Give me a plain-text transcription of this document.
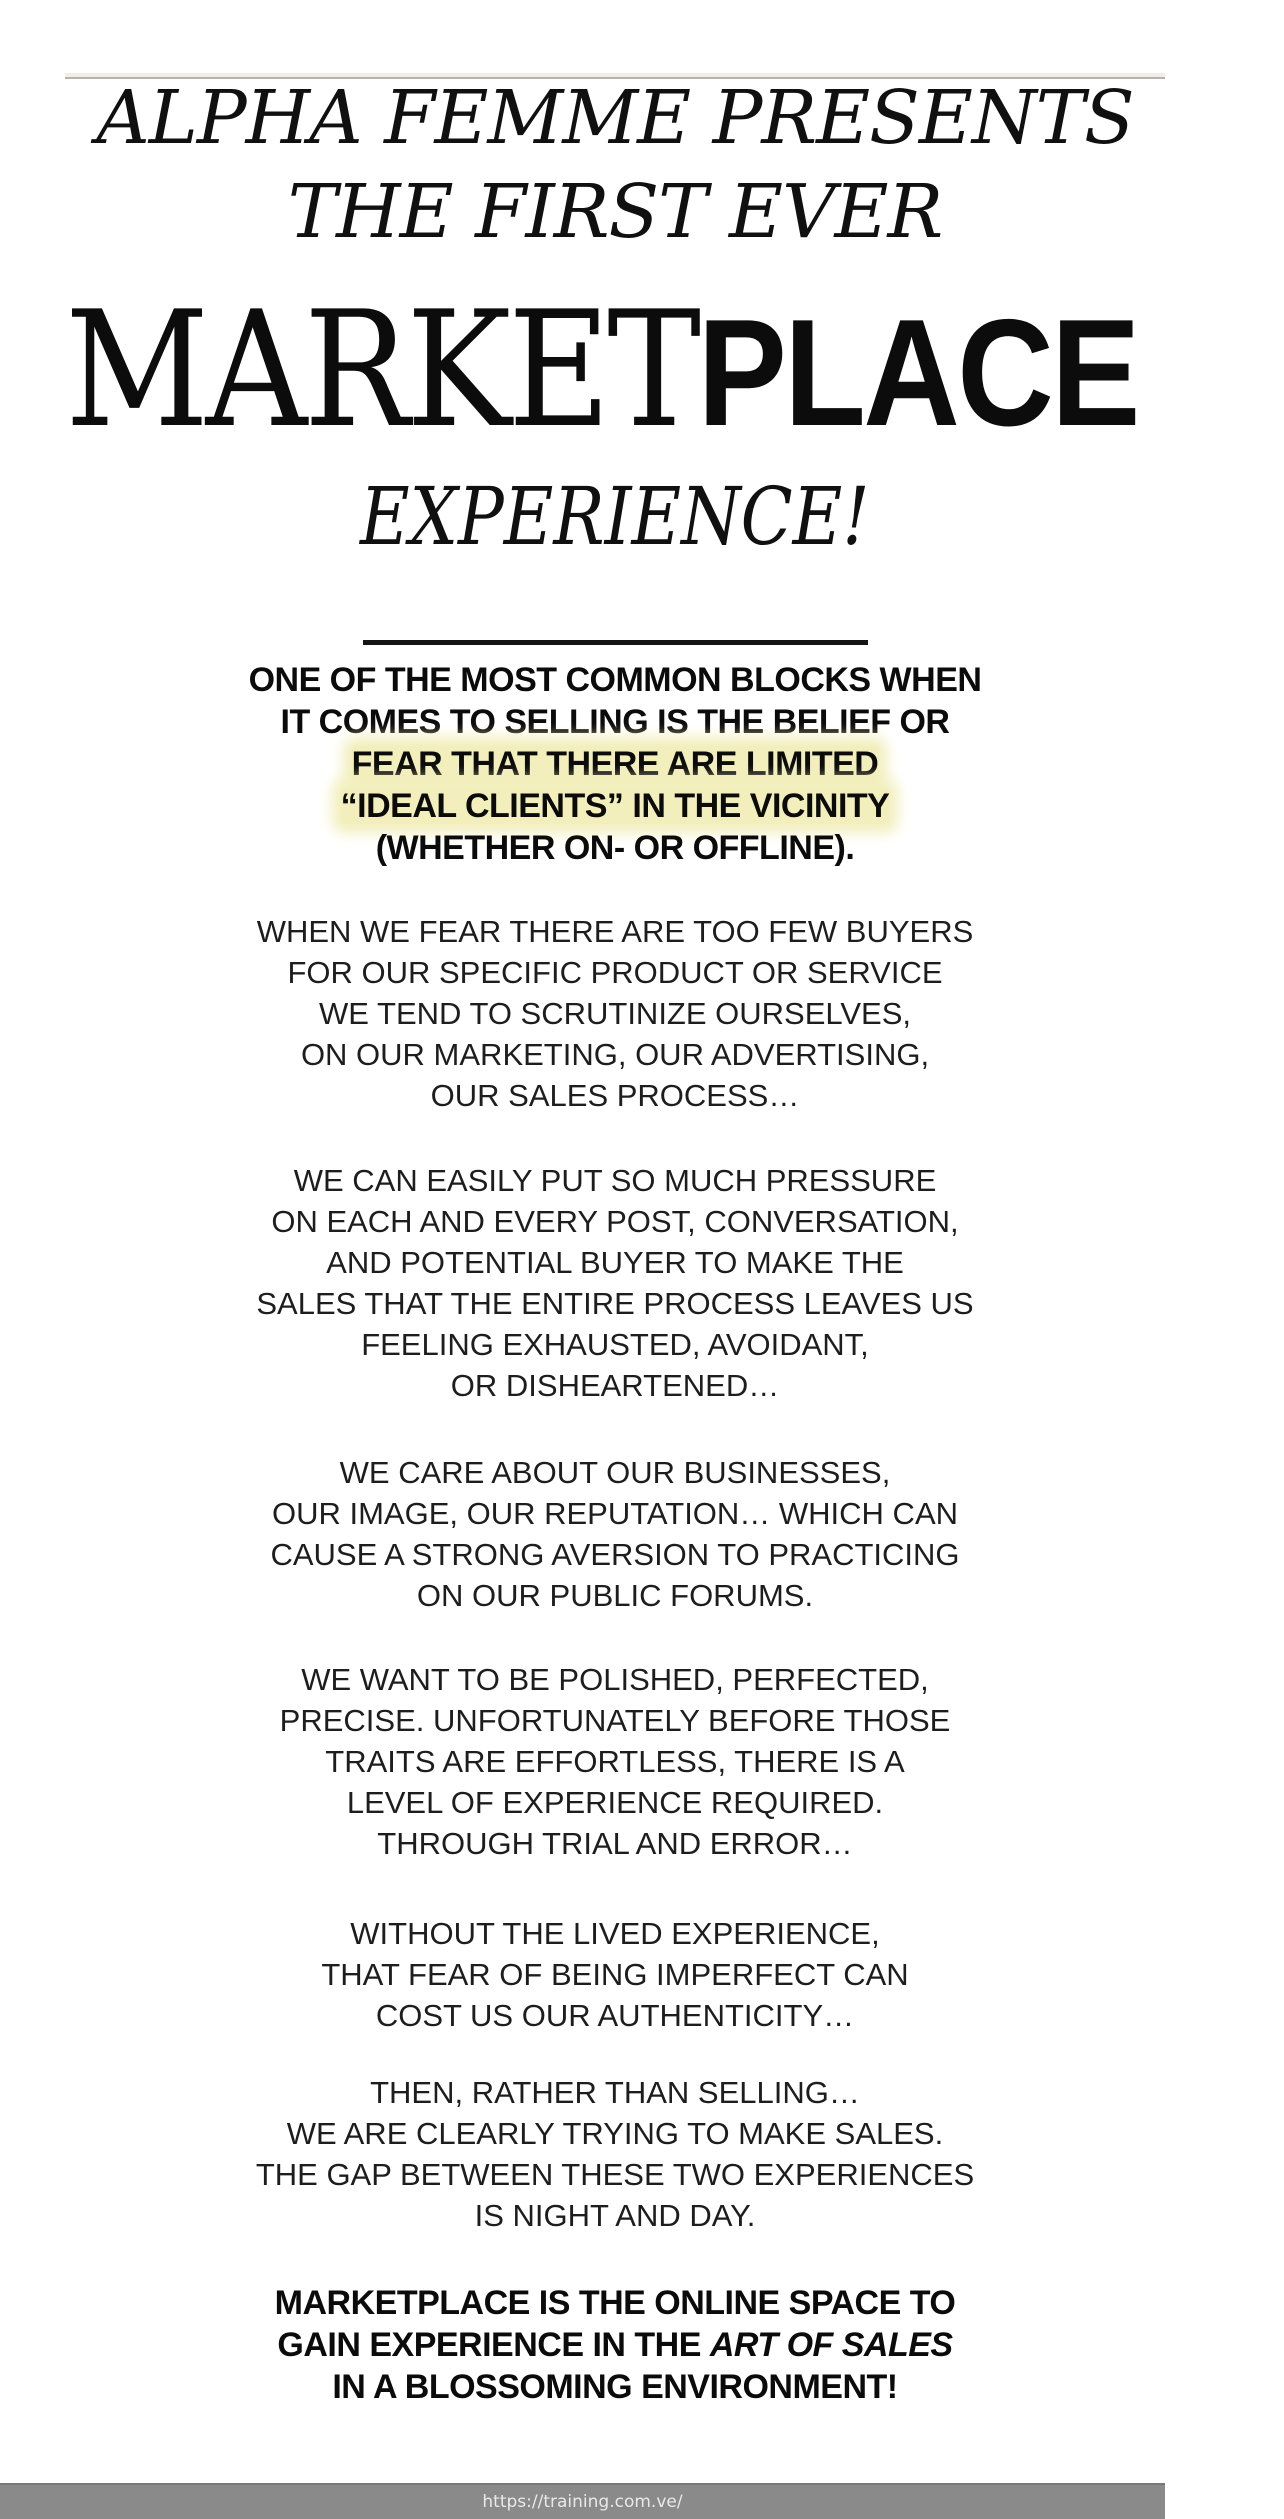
ALPHA FEMME PRESENTS
THE FIRST EVER
MARKETPLACE
EXPERIENCE!
ONE OF THE MOST COMMON BLOCKS WHEN
IT COMES TO SELLING IS THE BELIEF OR
FEAR THAT THERE ARE LIMITED
“IDEAL CLIENTS” IN THE VICINITY
(WHETHER ON- OR OFFLINE).
WHEN WE FEAR THERE ARE TOO FEW BUYERS
FOR OUR SPECIFIC PRODUCT OR SERVICE
WE TEND TO SCRUTINIZE OURSELVES,
ON OUR MARKETING, OUR ADVERTISING,
OUR SALES PROCESS…
WE CAN EASILY PUT SO MUCH PRESSURE
ON EACH AND EVERY POST, CONVERSATION,
AND POTENTIAL BUYER TO MAKE THE
SALES THAT THE ENTIRE PROCESS LEAVES US
FEELING EXHAUSTED, AVOIDANT,
OR DISHEARTENED…
WE CARE ABOUT OUR BUSINESSES,
OUR IMAGE, OUR REPUTATION… WHICH CAN
CAUSE A STRONG AVERSION TO PRACTICING
ON OUR PUBLIC FORUMS.
WE WANT TO BE POLISHED, PERFECTED,
PRECISE. UNFORTUNATELY BEFORE THOSE
TRAITS ARE EFFORTLESS, THERE IS A
LEVEL OF EXPERIENCE REQUIRED.
THROUGH TRIAL AND ERROR…
WITHOUT THE LIVED EXPERIENCE,
THAT FEAR OF BEING IMPERFECT CAN
COST US OUR AUTHENTICITY…
THEN, RATHER THAN SELLING…
WE ARE CLEARLY TRYING TO MAKE SALES.
THE GAP BETWEEN THESE TWO EXPERIENCES
IS NIGHT AND DAY.
MARKETPLACE IS THE ONLINE SPACE TO
GAIN EXPERIENCE IN THE ART OF SALES
IN A BLOSSOMING ENVIRONMENT!
https://training.com.ve/
